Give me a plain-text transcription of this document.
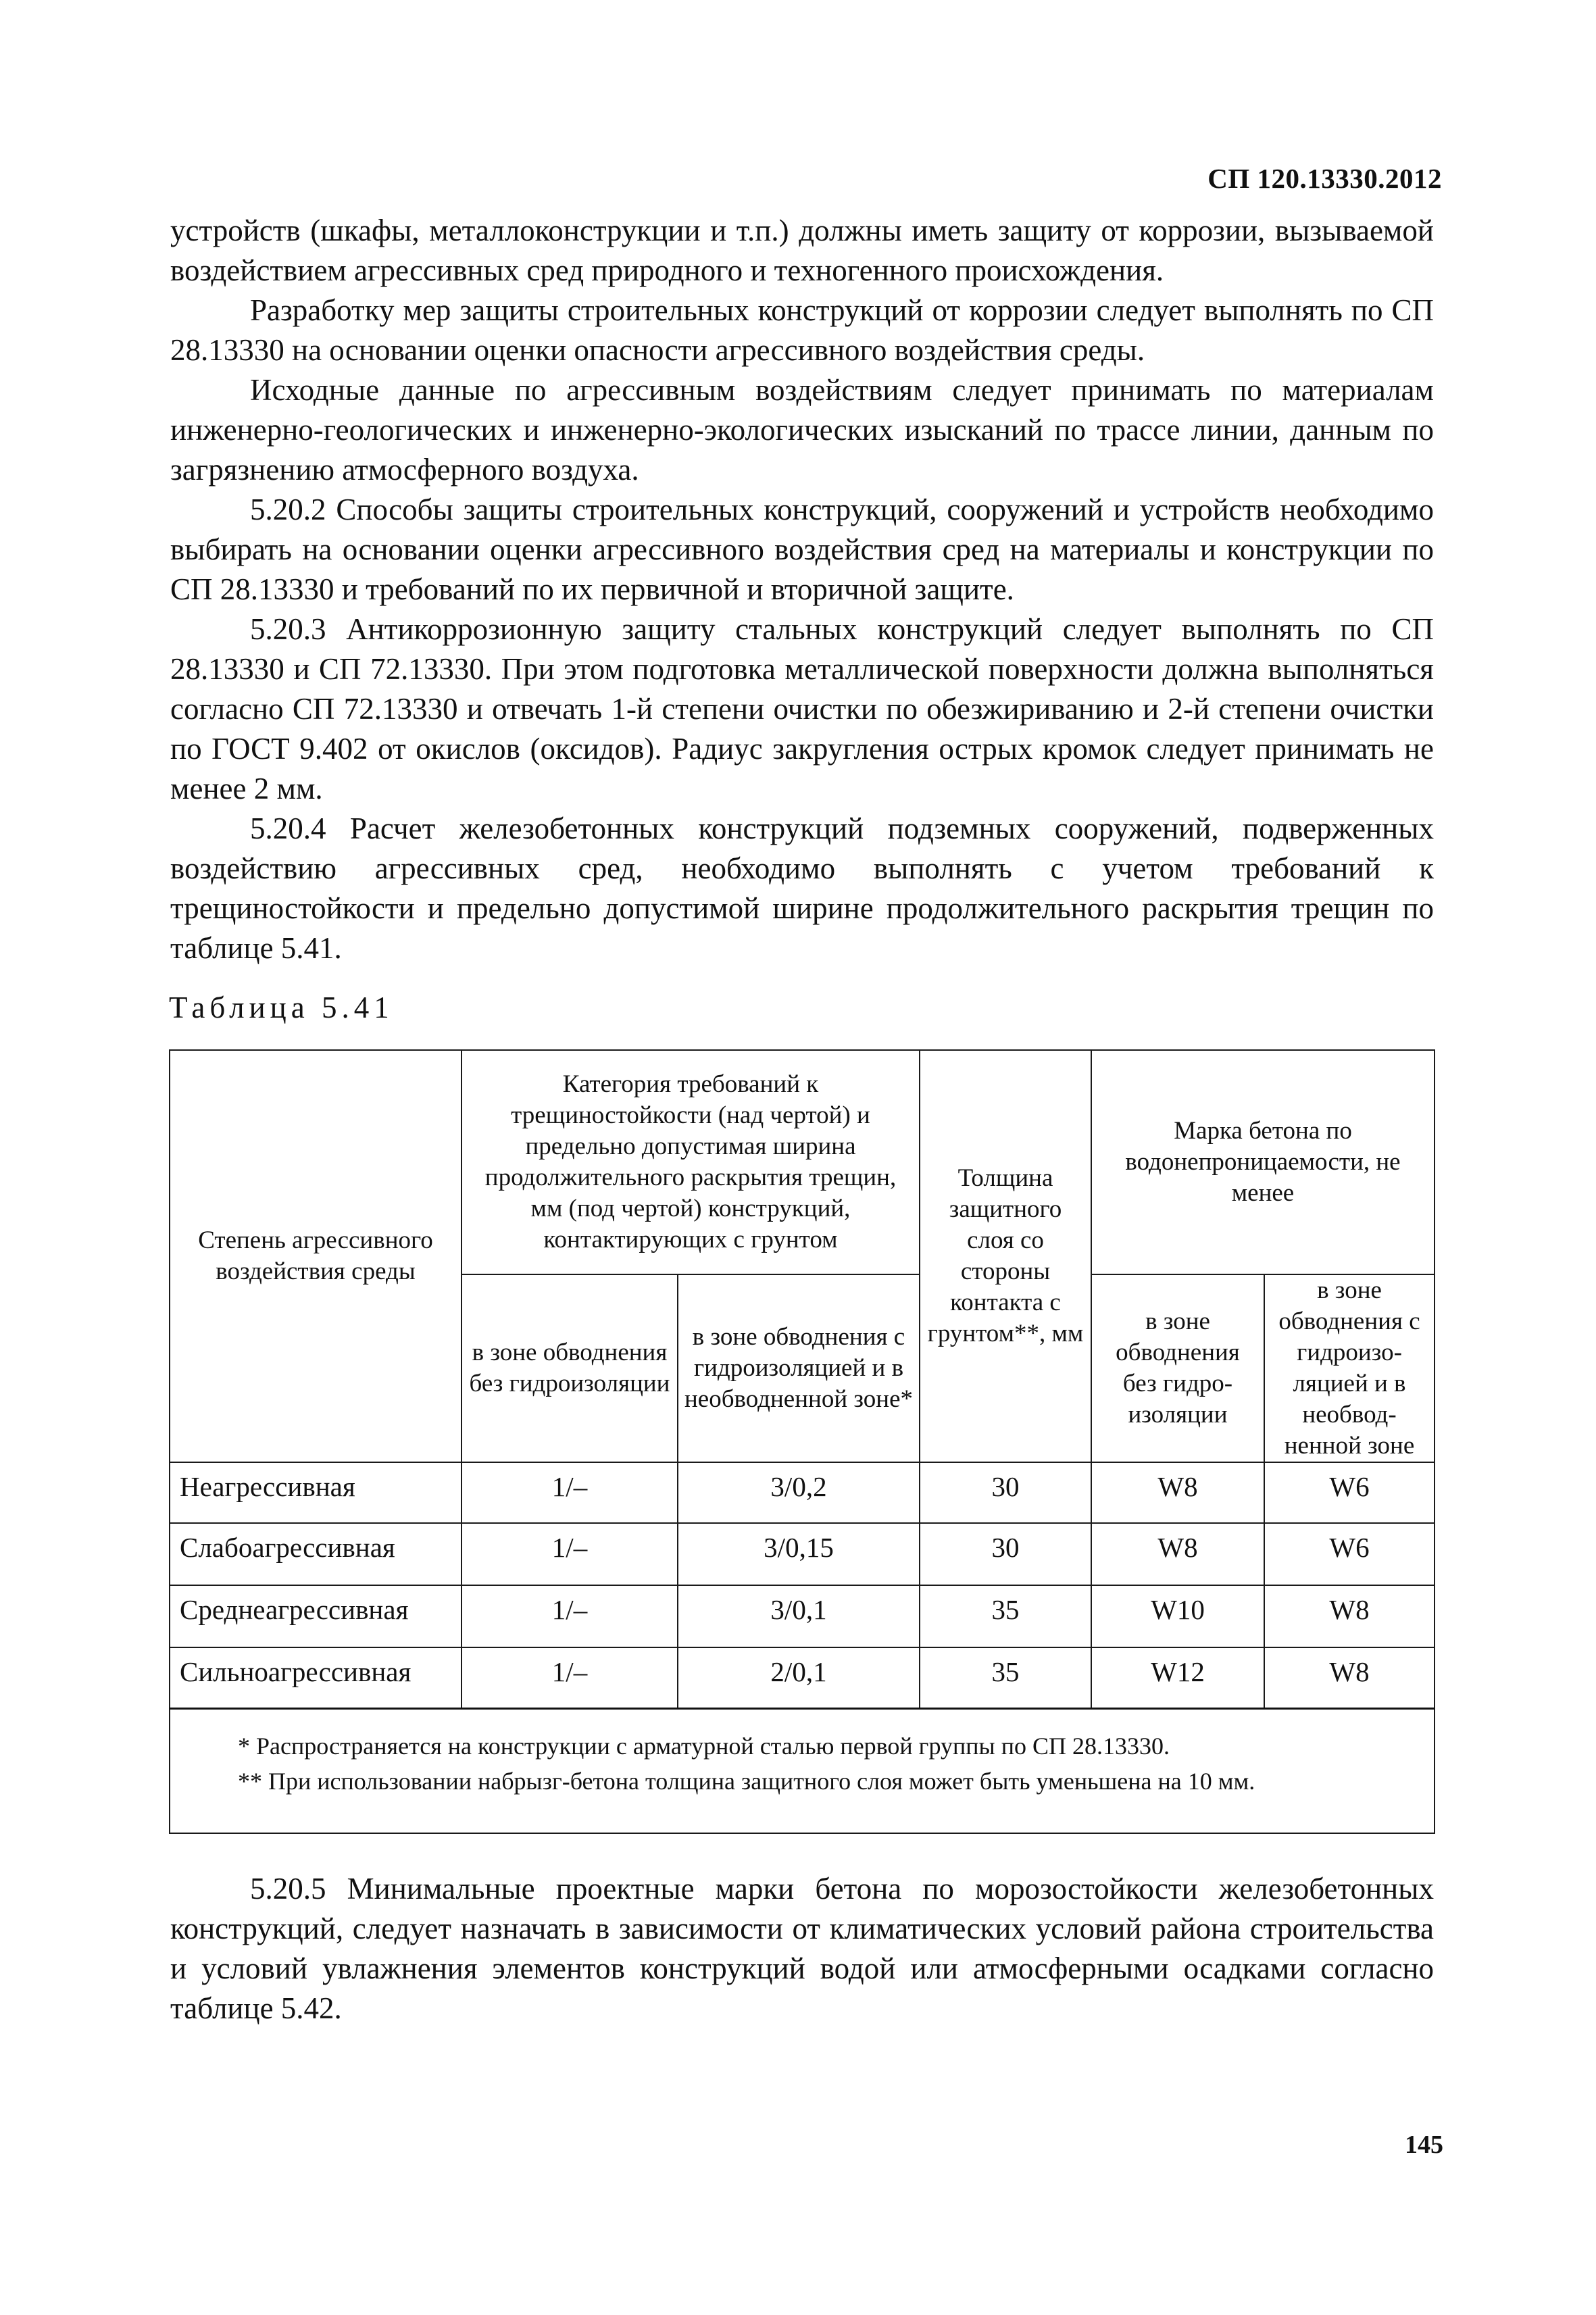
СП 120.13330.2012

устройств (шкафы, металлоконструкции и т.п.) должны иметь защиту от коррозии, вызываемой воздействием агрессивных сред природного и техногенного происхождения.

Разработку мер защиты строительных конструкций от коррозии следует выполнять по СП 28.13330 на основании оценки опасности агрессивного воздействия среды.

Исходные данные по агрессивным воздействиям следует принимать по материалам инженерно-геологических и инженерно-экологических изысканий по трассе линии, данным по загрязнению атмосферного воздуха.

5.20.2 Способы защиты строительных конструкций, сооружений и устройств необходимо выбирать на основании оценки агрессивного воздействия сред на материалы и конструкции по СП 28.13330 и требований по их первичной и вторичной защите.

5.20.3 Антикоррозионную защиту стальных конструкций следует выполнять по СП 28.13330 и СП 72.13330. При этом подготовка металлической поверхности должна выполняться согласно СП 72.13330 и отвечать 1-й степени очистки по обезжириванию и 2-й степени очистки по ГОСТ 9.402 от окислов (оксидов). Радиус закругления острых кромок следует принимать не менее 2 мм.

5.20.4 Расчет железобетонных конструкций подземных сооружений, подверженных воздействию агрессивных сред, необходимо выполнять с учетом требований к трещиностойкости и предельно допустимой ширине продолжительного раскрытия трещин по таблице 5.41.

Таблица 5.41
Степень агрессивного воздействия среды	Категория требований к трещиностойкости (над чертой) и предельно допустимая ширина продолжительного раскрытия трещин, мм (под чертой) конструкций, контактирующих с грунтом		Толщина защитного слоя со стороны контакта с грунтом**, мм	Марка бетона по водонепроницаемости, не менее	
	в зоне обводнения без гидроизоляции	в зоне обводнения с гидроизоляцией и в необводненной зоне*		в зоне обводнения без гидро-изоляции	в зоне обводнения с гидроизо-ляцией и в необвод-ненной зоне
Неагрессивная	1/–	3/0,2	30	W8	W6
Слабоагрессивная	1/–	3/0,15	30	W8	W6
Среднеагрессивная	1/–	3/0,1	35	W10	W8
Сильноагрессивная	1/–	2/0,1	35	W12	W8

* Распространяется на конструкции с арматурной сталью первой группы по СП 28.13330.
** При использовании набрызг-бетона толщина защитного слоя может быть уменьшена на 10 мм.					

5.20.5 Минимальные проектные марки бетона по морозостойкости железобетонных конструкций, следует назначать в зависимости от климатических условий района строительства и условий увлажнения элементов конструкций водой или атмосферными осадками согласно таблице 5.42.

145
